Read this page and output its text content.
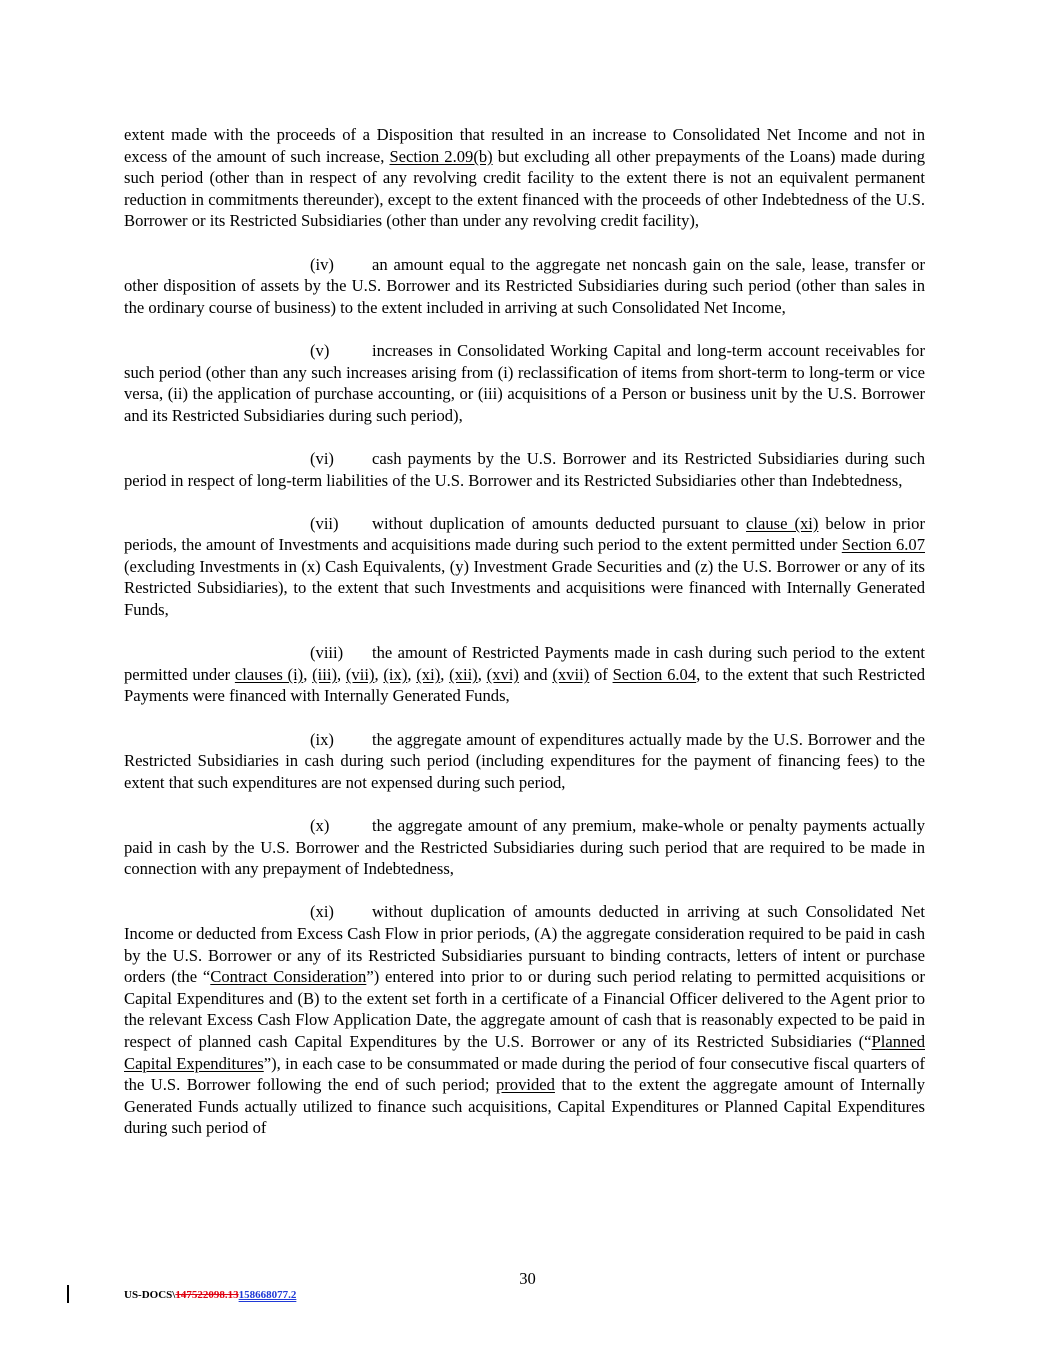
extent made with the proceeds of a Disposition that resulted in an increase to Consolidated Net Income and not in excess of the amount of such increase, Section 2.09(b) but excluding all other prepayments of the Loans) made during such period (other than in respect of any revolving credit facility to the extent there is not an equivalent permanent reduction in commitments thereunder), except to the extent financed with the proceeds of other Indebtedness of the U.S. Borrower or its Restricted Subsidiaries (other than under any revolving credit facility),

(iv) an amount equal to the aggregate net noncash gain on the sale, lease, transfer or other disposition of assets by the U.S. Borrower and its Restricted Subsidiaries during such period (other than sales in the ordinary course of business) to the extent included in arriving at such Consolidated Net Income,

(v)	increases in Consolidated Working Capital and long-term account receivables for such period (other than any such increases arising from (i) reclassification of items from short-term to long-term or vice versa, (ii) the application of purchase accounting, or (iii) acquisitions of a Person or business unit by the U.S. Borrower and its Restricted Subsidiaries during such period),

(vi) cash payments by the U.S. Borrower and its Restricted Subsidiaries during such period in respect of long-term liabilities of the U.S. Borrower and its Restricted Subsidiaries other than Indebtedness,

(vii) without duplication of amounts deducted pursuant to clause (xi) below in prior periods, the amount of Investments and acquisitions made during such period to the extent permitted under Section 6.07 (excluding Investments in (x) Cash Equivalents, (y) Investment Grade Securities and (z) the U.S. Borrower or any of its Restricted Subsidiaries), to the extent that such Investments and acquisitions were financed with Internally Generated Funds,

(viii) the amount of Restricted Payments made in cash during such period to the extent permitted under clauses (i), (iii), (vii), (ix), (xi), (xii), (xvi) and (xvii) of Section 6.04, to the extent that such Restricted Payments were financed with Internally Generated Funds,

(ix) the aggregate amount of expenditures actually made by the U.S. Borrower and the Restricted Subsidiaries in cash during such period (including expenditures for the payment of financing fees) to the extent that such expenditures are not expensed during such period,

(x)	the aggregate amount of any premium, make-whole or penalty payments actually paid in cash by the U.S. Borrower and the Restricted Subsidiaries during such period that are required to be made in connection with any prepayment of Indebtedness,

(xi) without duplication of amounts deducted in arriving at such Consolidated Net Income or deducted from Excess Cash Flow in prior periods, (A) the aggregate consideration required to be paid in cash by the U.S. Borrower or any of its Restricted Subsidiaries pursuant to binding contracts, letters of intent or purchase orders (the “Contract Consideration”) entered into prior to or during such period relating to permitted acquisitions or Capital Expenditures and (B) to the extent set forth in a certificate of a Financial Officer delivered to the Agent prior to the relevant Excess Cash Flow Application Date, the aggregate amount of cash that is reasonably expected to be paid in respect of planned cash Capital Expenditures by the U.S. Borrower or any of its Restricted Subsidiaries (“Planned Capital Expenditures”), in each case to be consummated or made during the period of four consecutive fiscal quarters of the U.S. Borrower following the end of such period; provided that to the extent the aggregate amount of Internally Generated Funds actually utilized to finance such acquisitions, Capital Expenditures or Planned Capital Expenditures during such period of

30
US-DOCS\147522098.13158668077.2
